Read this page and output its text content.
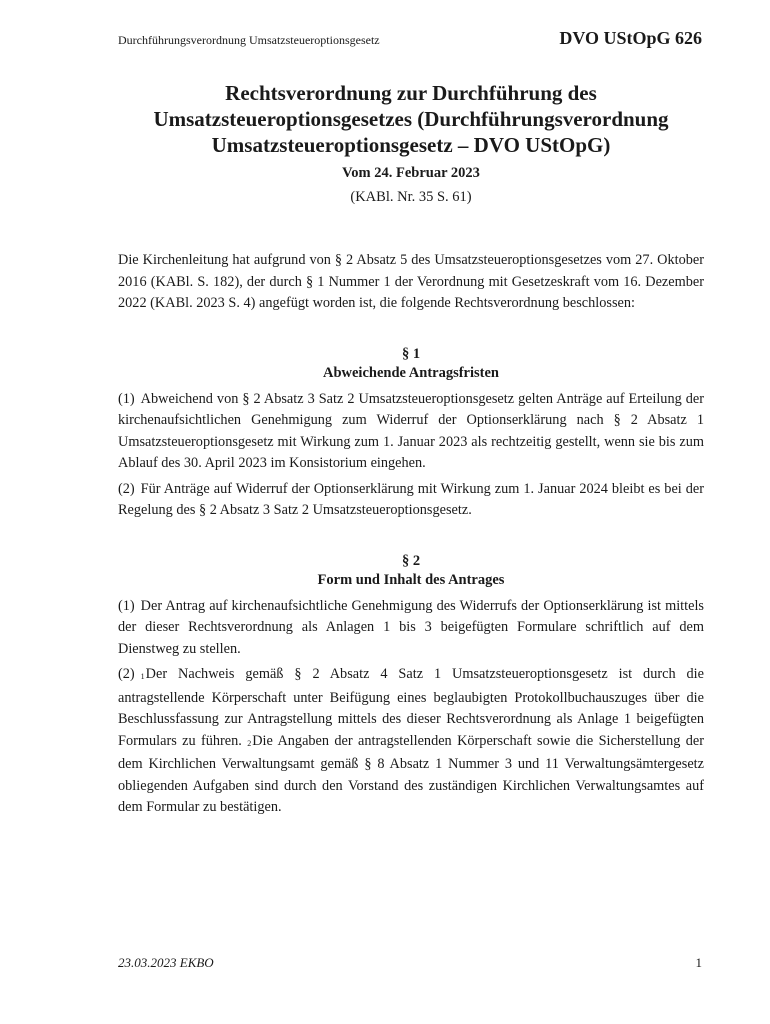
Durchführungsverordnung Umsatzsteueroptionsgesetz	DVO UStOpG 626
Rechtsverordnung zur Durchführung des
Umsatzsteueroptionsgesetzes (Durchführungsverordnung
Umsatzsteueroptionsgesetz – DVO UStOpG)
Vom 24. Februar 2023
(KABl. Nr. 35 S. 61)

Die Kirchenleitung hat aufgrund von § 2 Absatz 5 des Umsatzsteueroptionsgesetzes vom 27. Oktober 2016 (KABl. S. 182), der durch § 1 Nummer 1 der Verordnung mit Gesetzeskraft vom 16. Dezember 2022 (KABl. 2023 S. 4) angefügt worden ist, die folgende Rechtsverordnung beschlossen:

§ 1
Abweichende Antragsfristen

(1) Abweichend von § 2 Absatz 3 Satz 2 Umsatzsteueroptionsgesetz gelten Anträge auf Erteilung der kirchenaufsichtlichen Genehmigung zum Widerruf der Optionserklärung nach § 2 Absatz 1 Umsatzsteueroptionsgesetz mit Wirkung zum 1. Januar 2023 als rechtzeitig gestellt, wenn sie bis zum Ablauf des 30. April 2023 im Konsistorium eingehen.

(2) Für Anträge auf Widerruf der Optionserklärung mit Wirkung zum 1. Januar 2024 bleibt es bei der Regelung des § 2 Absatz 3 Satz 2 Umsatzsteueroptionsgesetz.

§ 2
Form und Inhalt des Antrages

(1) Der Antrag auf kirchenaufsichtliche Genehmigung des Widerrufs der Optionserklärung ist mittels der dieser Rechtsverordnung als Anlagen 1 bis 3 beigefügten Formulare schriftlich auf dem Dienstweg zu stellen.

(2) $_1$Der Nachweis gemäß § 2 Absatz 4 Satz 1 Umsatzsteueroptionsgesetz ist durch die antragstellende Körperschaft unter Beifügung eines beglaubigten Protokollbuchauszuges über die Beschlussfassung zur Antragstellung mittels des dieser Rechtsverordnung als Anlage 1 beigefügten Formulars zu führen. $_2$Die Angaben der antragstellenden Körperschaft sowie die Sicherstellung der dem Kirchlichen Verwaltungsamt gemäß § 8 Absatz 1 Nummer 3 und 11 Verwaltungsämtergesetz obliegenden Aufgaben sind durch den Vorstand des zuständigen Kirchlichen Verwaltungsamtes auf dem Formular zu bestätigen.

23.03.2023 EKBO	1
